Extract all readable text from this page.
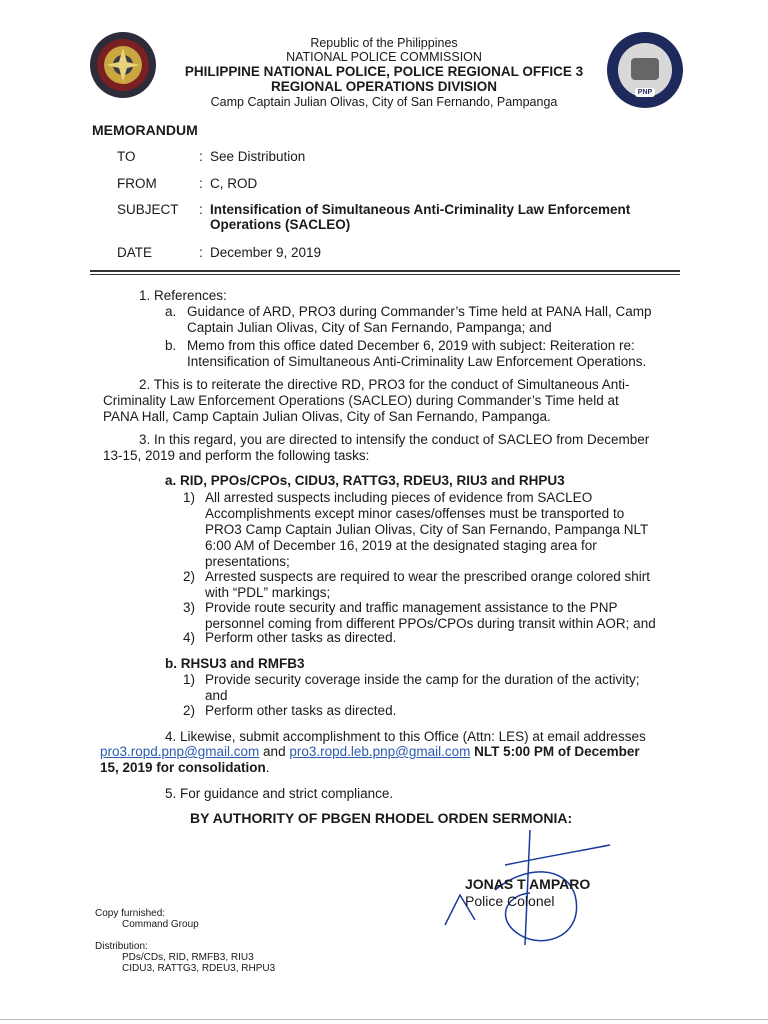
PNP
Republic of the Philippines
NATIONAL POLICE COMMISSION
PHILIPPINE NATIONAL POLICE, POLICE REGIONAL OFFICE 3
REGIONAL OPERATIONS DIVISION
Camp Captain Julian Olivas, City of San Fernando, Pampanga
MEMORANDUM
TO	: See Distribution
FROM	: C, ROD
SUBJECT : Intensification of Simultaneous Anti-Criminality Law Enforcement
Operations (SACLEO)
DATE	: December 9, 2019
1. References:
a. Guidance of ARD, PRO3 during Commander’s Time held at PANA Hall, Camp
Captain Julian Olivas, City of San Fernando, Pampanga; and
b. Memo from this office dated December 6, 2019 with subject: Reiteration re:
Intensification of Simultaneous Anti-Criminality Law Enforcement Operations.
2. This is to reiterate the directive RD, PRO3 for the conduct of Simultaneous Anti-
Criminality Law Enforcement Operations (SACLEO) during Commander’s Time held at
PANA Hall, Camp Captain Julian Olivas, City of San Fernando, Pampanga.
3. In this regard, you are directed to intensify the conduct of SACLEO from December
13-15, 2019 and perform the following tasks:
a. RID, PPOs/CPOs, CIDU3, RATTG3, RDEU3, RIU3 and RHPU3
1) All arrested suspects including pieces of evidence from SACLEO
Accomplishments except minor cases/offenses must be transported to
PRO3 Camp Captain Julian Olivas, City of San Fernando, Pampanga NLT
6:00 AM of December 16, 2019 at the designated staging area for
presentations;
2) Arrested suspects are required to wear the prescribed orange colored shirt
with “PDL” markings;
3) Provide route security and traffic management assistance to the PNP
personnel coming from different PPOs/CPOs during transit within AOR; and
4) Perform other tasks as directed.
b. RHSU3 and RMFB3
1) Provide security coverage inside the camp for the duration of the activity;
and
2) Perform other tasks as directed.
4. Likewise, submit accomplishment to this Office (Attn: LES) at email addresses
pro3.ropd.pnp@gmail.com and pro3.ropd.leb.pnp@gmail.com NLT 5:00 PM of December
15, 2019 for consolidation.
5. For guidance and strict compliance.
BY AUTHORITY OF PBGEN RHODEL ORDEN SERMONIA:
JONAS T AMPARO
Police Colonel
Copy furnished:
Command Group
Distribution:
PDs/CDs, RID, RMFB3, RIU3
CIDU3, RATTG3, RDEU3, RHPU3
